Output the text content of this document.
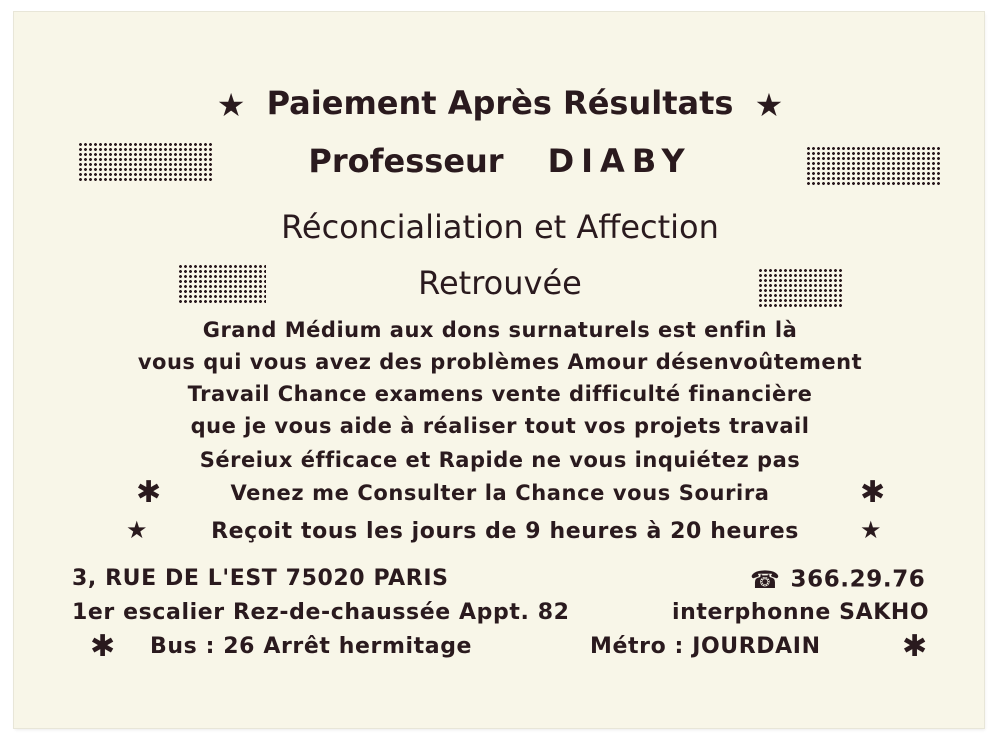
★ Paiement Après Résultats ★
Professeur DIABY
Réconcialiation et Affection
Retrouvée
Grand Médium aux dons surnaturels est enfin là
vous qui vous avez des problèmes Amour désenvoûtement
Travail Chance examens vente difficulté financière
que je vous aide à réaliser tout vos projets travail
Séreiux éfficace et Rapide ne vous inquiétez pas
✱	Venez me Consulter la Chance vous Sourira	✱
★	Reçoit tous les jours de 9 heures à 20 heures	★
3, RUE DE L'EST 75020 PARIS	☎ 366.29.76
1er escalier Rez-de-chaussée Appt. 82	interphonne SAKHO
✱ Bus : 26 Arrêt hermitage	Métro : JOURDAIN	✱
